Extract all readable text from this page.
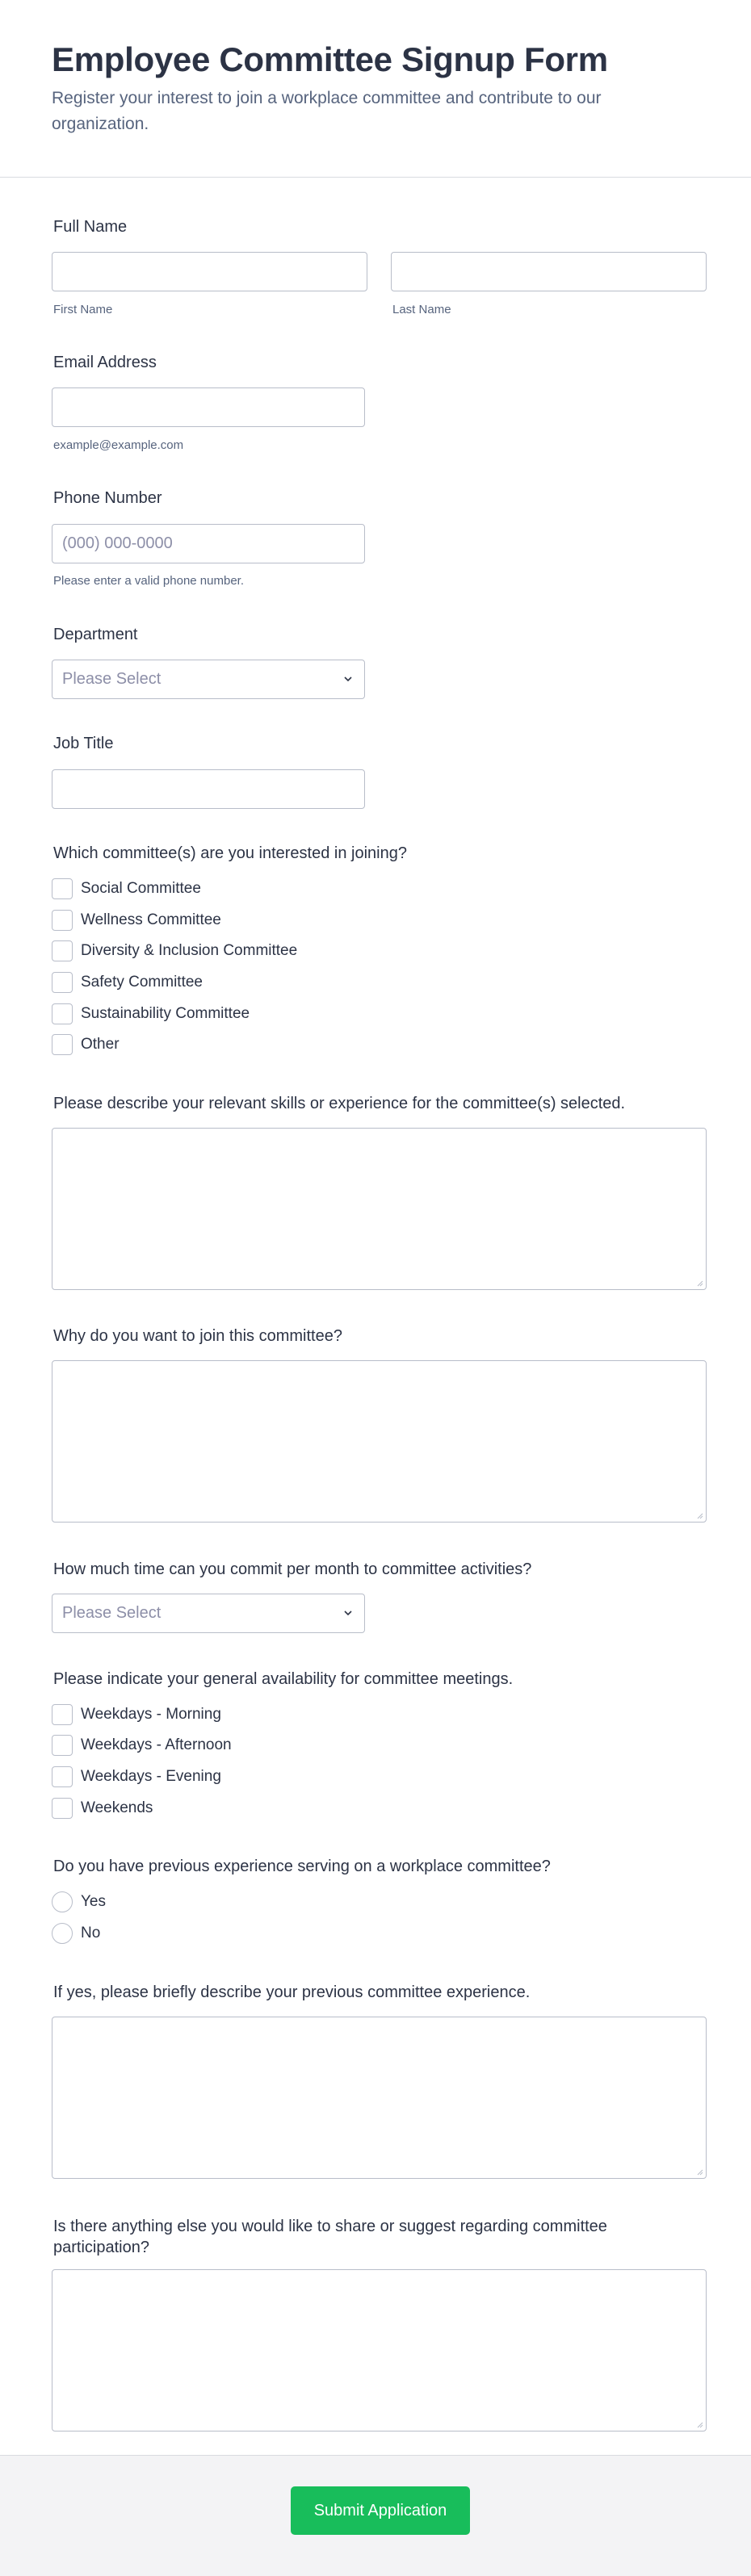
Employee Committee Signup Form

Register your interest to join a workplace committee and contribute to our organization.

Full Name
First Name	Last Name
Email Address
example@example.com
Phone Number
(000) 000-0000
Please enter a valid phone number.
Department
Please Select
Job Title
Which committee(s) are you interested in joining?
Social Committee
Wellness Committee
Diversity & Inclusion Committee
Safety Committee
Sustainability Committee
Other
Please describe your relevant skills or experience for the committee(s) selected.
Why do you want to join this committee?
How much time can you commit per month to committee activities?
Please Select
Please indicate your general availability for committee meetings.
Weekdays - Morning
Weekdays - Afternoon
Weekdays - Evening
Weekends
Do you have previous experience serving on a workplace committee?
Yes
No
If yes, please briefly describe your previous committee experience.
Is there anything else you would like to share or suggest regarding committee participation?
Submit Application
